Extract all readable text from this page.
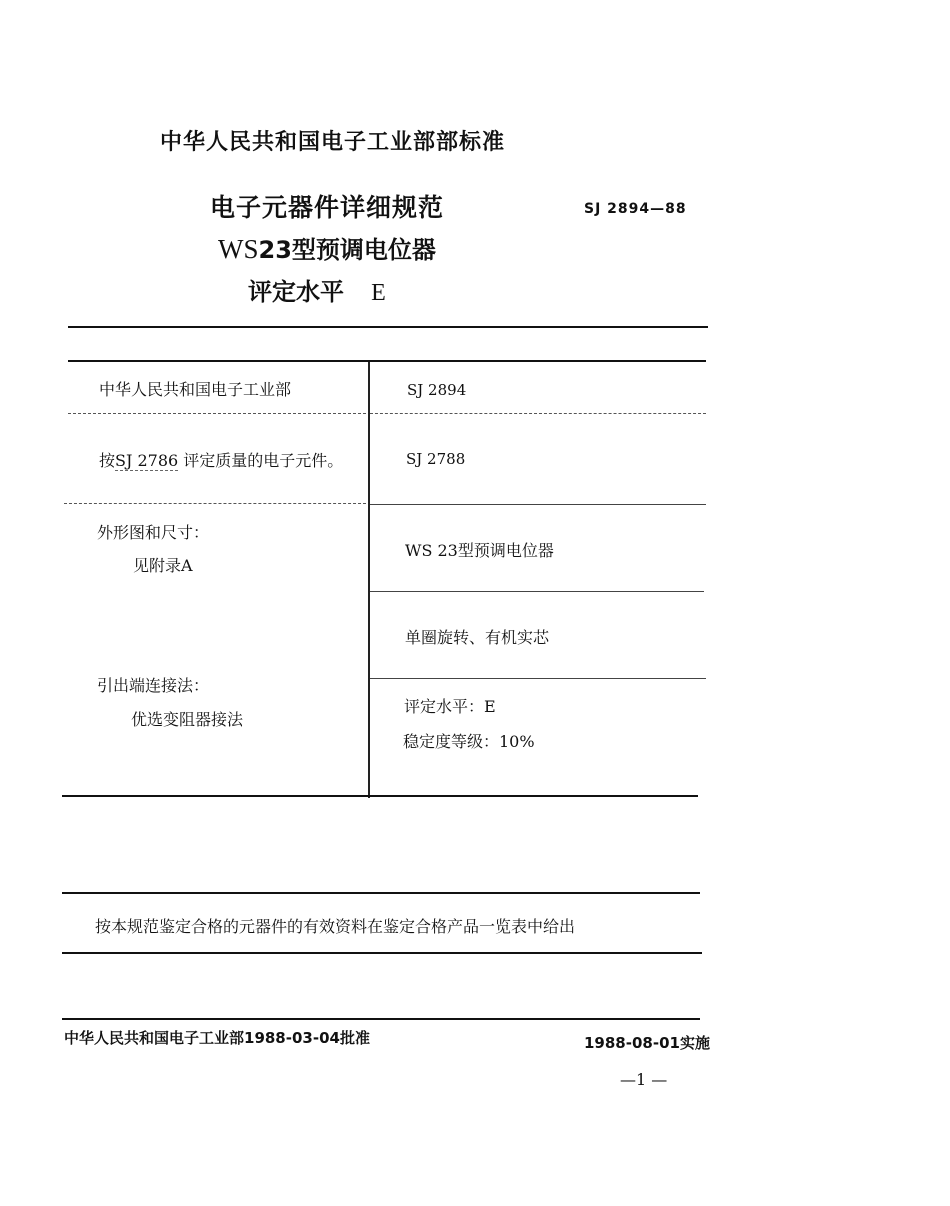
中华人民共和国电子工业部部标准
电子元器件详细规范
WS23型预调电位器
评定水平 E
SJ 2894—88
中华人民共和国电子工业部
按SJ 2786 评定质量的电子元件。
外形图和尺寸：
见附录A
引出端连接法：
优选变阻器接法
SJ 2894
SJ 2788
WS 23型预调电位器
单圈旋转、有机实芯
评定水平：E
稳定度等级：10%
按本规范鉴定合格的元器件的有效资料在鉴定合格产品一览表中给出
中华人民共和国电子工业部1988-03-04批准	1988-08-01实施
—1 —
